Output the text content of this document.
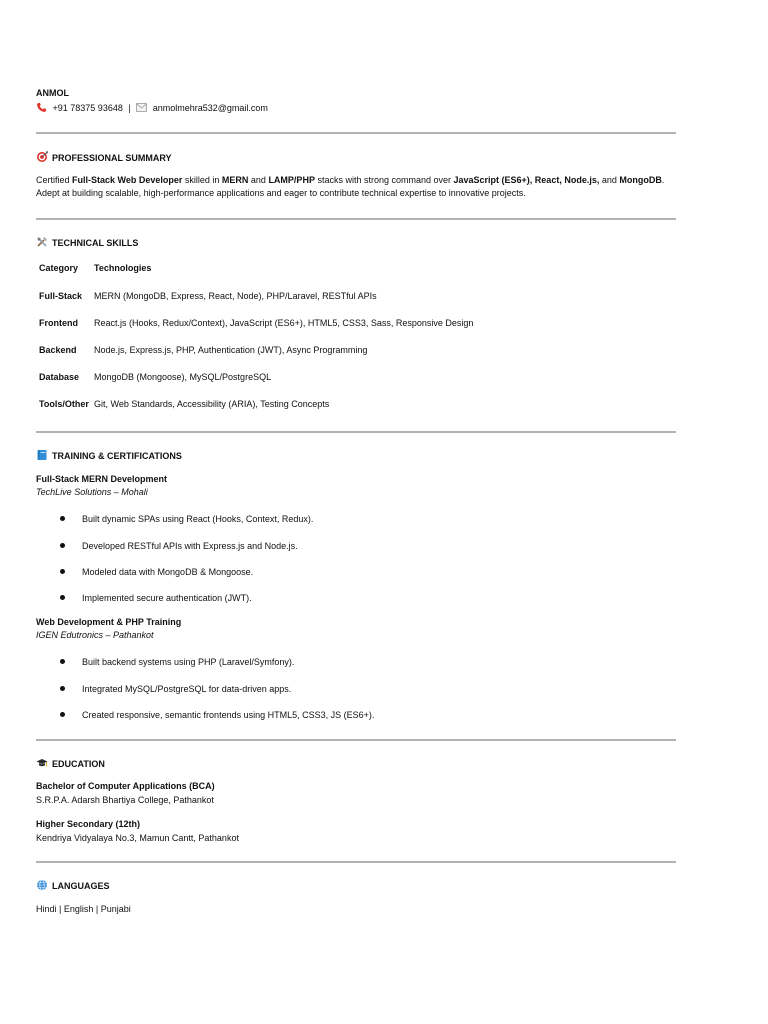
ANMOL
+91 78375 93648 | anmolmehra532@gmail.com
PROFESSIONAL SUMMARY
Certified Full-Stack Web Developer skilled in MERN and LAMP/PHP stacks with strong command over JavaScript (ES6+), React, Node.js, and MongoDB.
Adept at building scalable, high-performance applications and eager to contribute technical expertise to innovative projects.
TECHNICAL SKILLS
Category Technologies
Full-Stack MERN (MongoDB, Express, React, Node), PHP/Laravel, RESTful APIs
Frontend React.js (Hooks, Redux/Context), JavaScript (ES6+), HTML5, CSS3, Sass, Responsive Design
Backend Node.js, Express.js, PHP, Authentication (JWT), Async Programming
Database MongoDB (Mongoose), MySQL/PostgreSQL
Tools/Other Git, Web Standards, Accessibility (ARIA), Testing Concepts
TRAINING & CERTIFICATIONS
Full-Stack MERN Development
TechLive Solutions – Mohali
Built dynamic SPAs using React (Hooks, Context, Redux).
Developed RESTful APIs with Express.js and Node.js.
Modeled data with MongoDB & Mongoose.
Implemented secure authentication (JWT).
Web Development & PHP Training
IGEN Edutronics – Pathankot
Built backend systems using PHP (Laravel/Symfony).
Integrated MySQL/PostgreSQL for data-driven apps.
Created responsive, semantic frontends using HTML5, CSS3, JS (ES6+).
EDUCATION
Bachelor of Computer Applications (BCA)
S.R.P.A. Adarsh Bhartiya College, Pathankot
Higher Secondary (12th)
Kendriya Vidyalaya No.3, Mamun Cantt, Pathankot
LANGUAGES
Hindi | English | Punjabi
